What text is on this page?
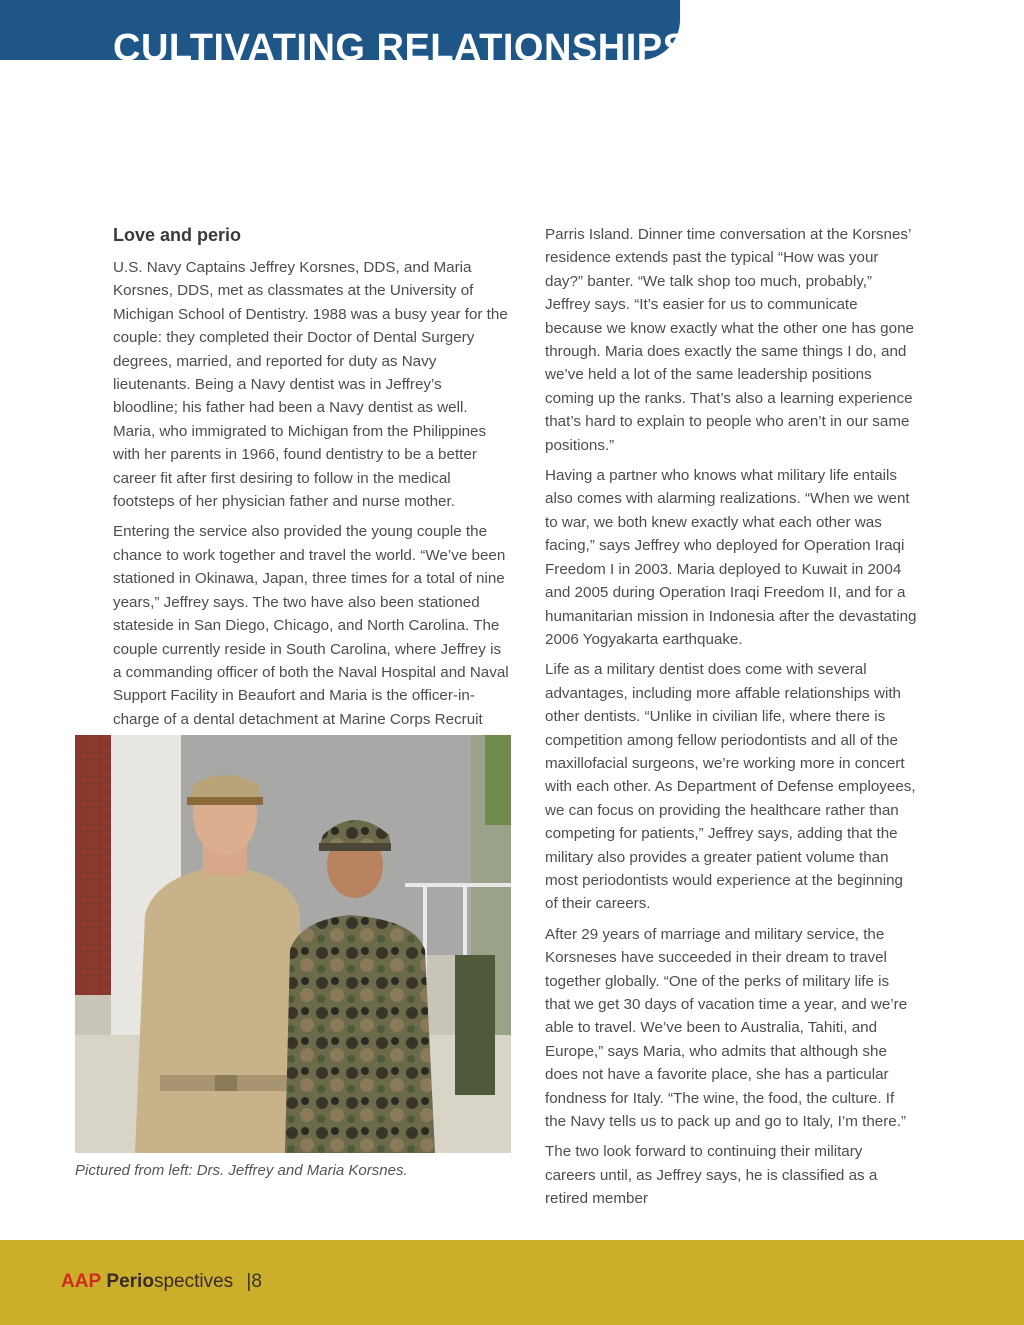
CULTIVATING RELATIONSHIPS
Love and perio

U.S. Navy Captains Jeffrey Korsnes, DDS, and Maria Korsnes, DDS, met as classmates at the University of Michigan School of Dentistry. 1988 was a busy year for the couple: they completed their Doctor of Dental Surgery degrees, married, and reported for duty as Navy lieutenants. Being a Navy dentist was in Jeffrey’s bloodline; his father had been a Navy dentist as well. Maria, who immigrated to Michigan from the Philippines with her parents in 1966, found dentistry to be a better career fit after first desiring to follow in the medical footsteps of her physician father and nurse mother.

Entering the service also provided the young couple the chance to work together and travel the world. “We’ve been stationed in Okinawa, Japan, three times for a total of nine years,” Jeffrey says. The two have also been stationed stateside in San Diego, Chicago, and North Carolina. The couple currently reside in South Carolina, where Jeffrey is a commanding officer of both the Naval Hospital and Naval Support Facility in Beaufort and Maria is the officer-in-charge of a dental detachment at Marine Corps Recruit

Pictured from left: Drs. Jeffrey and Maria Korsnes.

Parris Island. Dinner time conversation at the Korsnes’ residence extends past the typical “How was your day?” banter. “We talk shop too much, probably,” Jeffrey says. “It’s easier for us to communicate because we know exactly what the other one has gone through. Maria does exactly the same things I do, and we’ve held a lot of the same leadership positions coming up the ranks. That’s also a learning experience that’s hard to explain to people who aren’t in our same positions.”

Having a partner who knows what military life entails also comes with alarming realizations. “When we went to war, we both knew exactly what each other was facing,” says Jeffrey who deployed for Operation Iraqi Freedom I in 2003. Maria deployed to Kuwait in 2004 and 2005 during Operation Iraqi Freedom II, and for a humanitarian mission in Indonesia after the devastating 2006 Yogyakarta earthquake.

Life as a military dentist does come with several advantages, including more affable relationships with other dentists. “Unlike in civilian life, where there is competition among fellow periodontists and all of the maxillofacial surgeons, we’re working more in concert with each other. As Department of Defense employees, we can focus on providing the healthcare rather than competing for patients,” Jeffrey says, adding that the military also provides a greater patient volume than most periodontists would experience at the beginning of their careers.

After 29 years of marriage and military service, the Korsneses have succeeded in their dream to travel together globally. “One of the perks of military life is that we get 30 days of vacation time a year, and we’re able to travel. We’ve been to Australia, Tahiti, and Europe,” says Maria, who admits that although she does not have a favorite place, she has a particular fondness for Italy. “The wine, the food, the culture. If the Navy tells us to pack up and go to Italy, I’m there.”

The two look forward to continuing their military careers until, as Jeffrey says, he is classified as a retired member

AAP Periospectives |8
